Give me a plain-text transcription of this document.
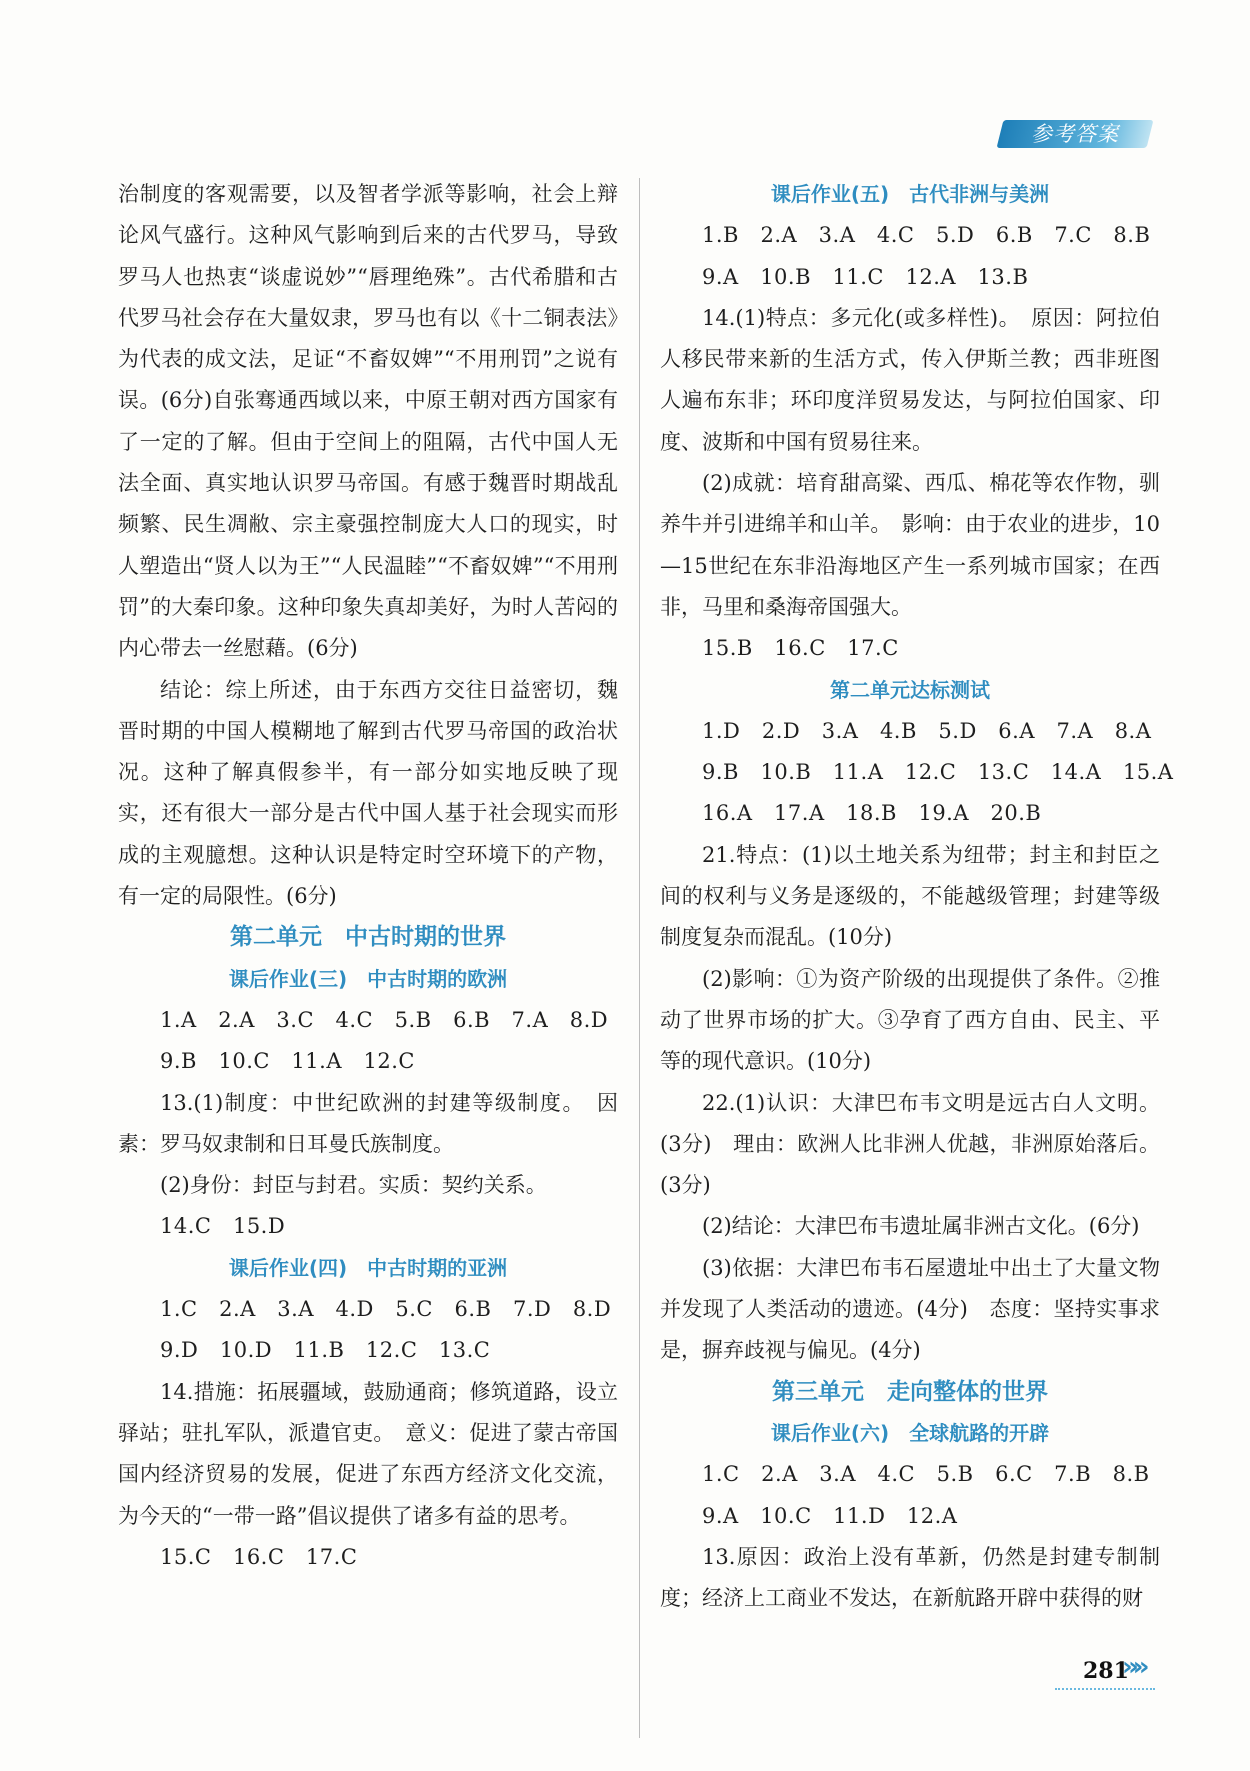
参考答案
治制度的客观需要，以及智者学派等影响，社会上辩论风气盛行。这种风气影响到后来的古代罗马，导致罗马人也热衷“谈虚说妙”“唇理绝殊”。古代希腊和古代罗马社会存在大量奴隶，罗马也有以《十二铜表法》为代表的成文法，足证“不畜奴婢”“不用刑罚”之说有误。(6分)自张骞通西域以来，中原王朝对西方国家有了一定的了解。但由于空间上的阻隔，古代中国人无法全面、真实地认识罗马帝国。有感于魏晋时期战乱频繁、民生凋敝、宗主豪强控制庞大人口的现实，时人塑造出“贤人以为王”“人民温睦”“不畜奴婢”“不用刑罚”的大秦印象。这种印象失真却美好，为时人苦闷的内心带去一丝慰藉。(6分)
结论：综上所述，由于东西方交往日益密切，魏晋时期的中国人模糊地了解到古代罗马帝国的政治状况。这种了解真假参半，有一部分如实地反映了现实，还有很大一部分是古代中国人基于社会现实而形成的主观臆想。这种认识是特定时空环境下的产物，有一定的局限性。(6分)
第二单元　中古时期的世界
课后作业(三)　中古时期的欧洲
1.A　2.A　3.C　4.C　5.B　6.B　7.A　8.D
9.B　10.C　11.A　12.C
13.(1)制度：中世纪欧洲的封建等级制度。　因素：罗马奴隶制和日耳曼氏族制度。
(2)身份：封臣与封君。实质：契约关系。
14.C　15.D
课后作业(四)　中古时期的亚洲
1.C　2.A　3.A　4.D　5.C　6.B　7.D　8.D
9.D　10.D　11.B　12.C　13.C
14.措施：拓展疆域，鼓励通商；修筑道路，设立驿站；驻扎军队，派遣官吏。　意义：促进了蒙古帝国国内经济贸易的发展，促进了东西方经济文化交流，为今天的“一带一路”倡议提供了诸多有益的思考。
15.C　16.C　17.C
课后作业(五)　古代非洲与美洲
1.B　2.A　3.A　4.C　5.D　6.B　7.C　8.B
9.A　10.B　11.C　12.A　13.B
14.(1)特点：多元化(或多样性)。　原因：阿拉伯人移民带来新的生活方式，传入伊斯兰教；西非班图人遍布东非；环印度洋贸易发达，与阿拉伯国家、印度、波斯和中国有贸易往来。
(2)成就：培育甜高粱、西瓜、棉花等农作物，驯养牛并引进绵羊和山羊。　影响：由于农业的进步，10—15世纪在东非沿海地区产生一系列城市国家；在西非，马里和桑海帝国强大。
15.B　16.C　17.C
第二单元达标测试
1.D　2.D　3.A　4.B　5.D　6.A　7.A　8.A
9.B　10.B　11.A　12.C　13.C　14.A　15.A
16.A　17.A　18.B　19.A　20.B
21.特点：(1)以土地关系为纽带；封主和封臣之间的权利与义务是逐级的，不能越级管理；封建等级制度复杂而混乱。(10分)
(2)影响：①为资产阶级的出现提供了条件。②推动了世界市场的扩大。③孕育了西方自由、民主、平等的现代意识。(10分)
22.(1)认识：大津巴布韦文明是远古白人文明。(3分)　理由：欧洲人比非洲人优越，非洲原始落后。(3分)
(2)结论：大津巴布韦遗址属非洲古文化。(6分)
(3)依据：大津巴布韦石屋遗址中出土了大量文物并发现了人类活动的遗迹。(4分)　态度：坚持实事求是，摒弃歧视与偏见。(4分)
第三单元　走向整体的世界
课后作业(六)　全球航路的开辟
1.C　2.A　3.A　4.C　5.B　6.C　7.B　8.B
9.A　10.C　11.D　12.A
13.原因：政治上没有革新，仍然是封建专制制度；经济上工商业不发达，在新航路开辟中获得的财
281
»»
